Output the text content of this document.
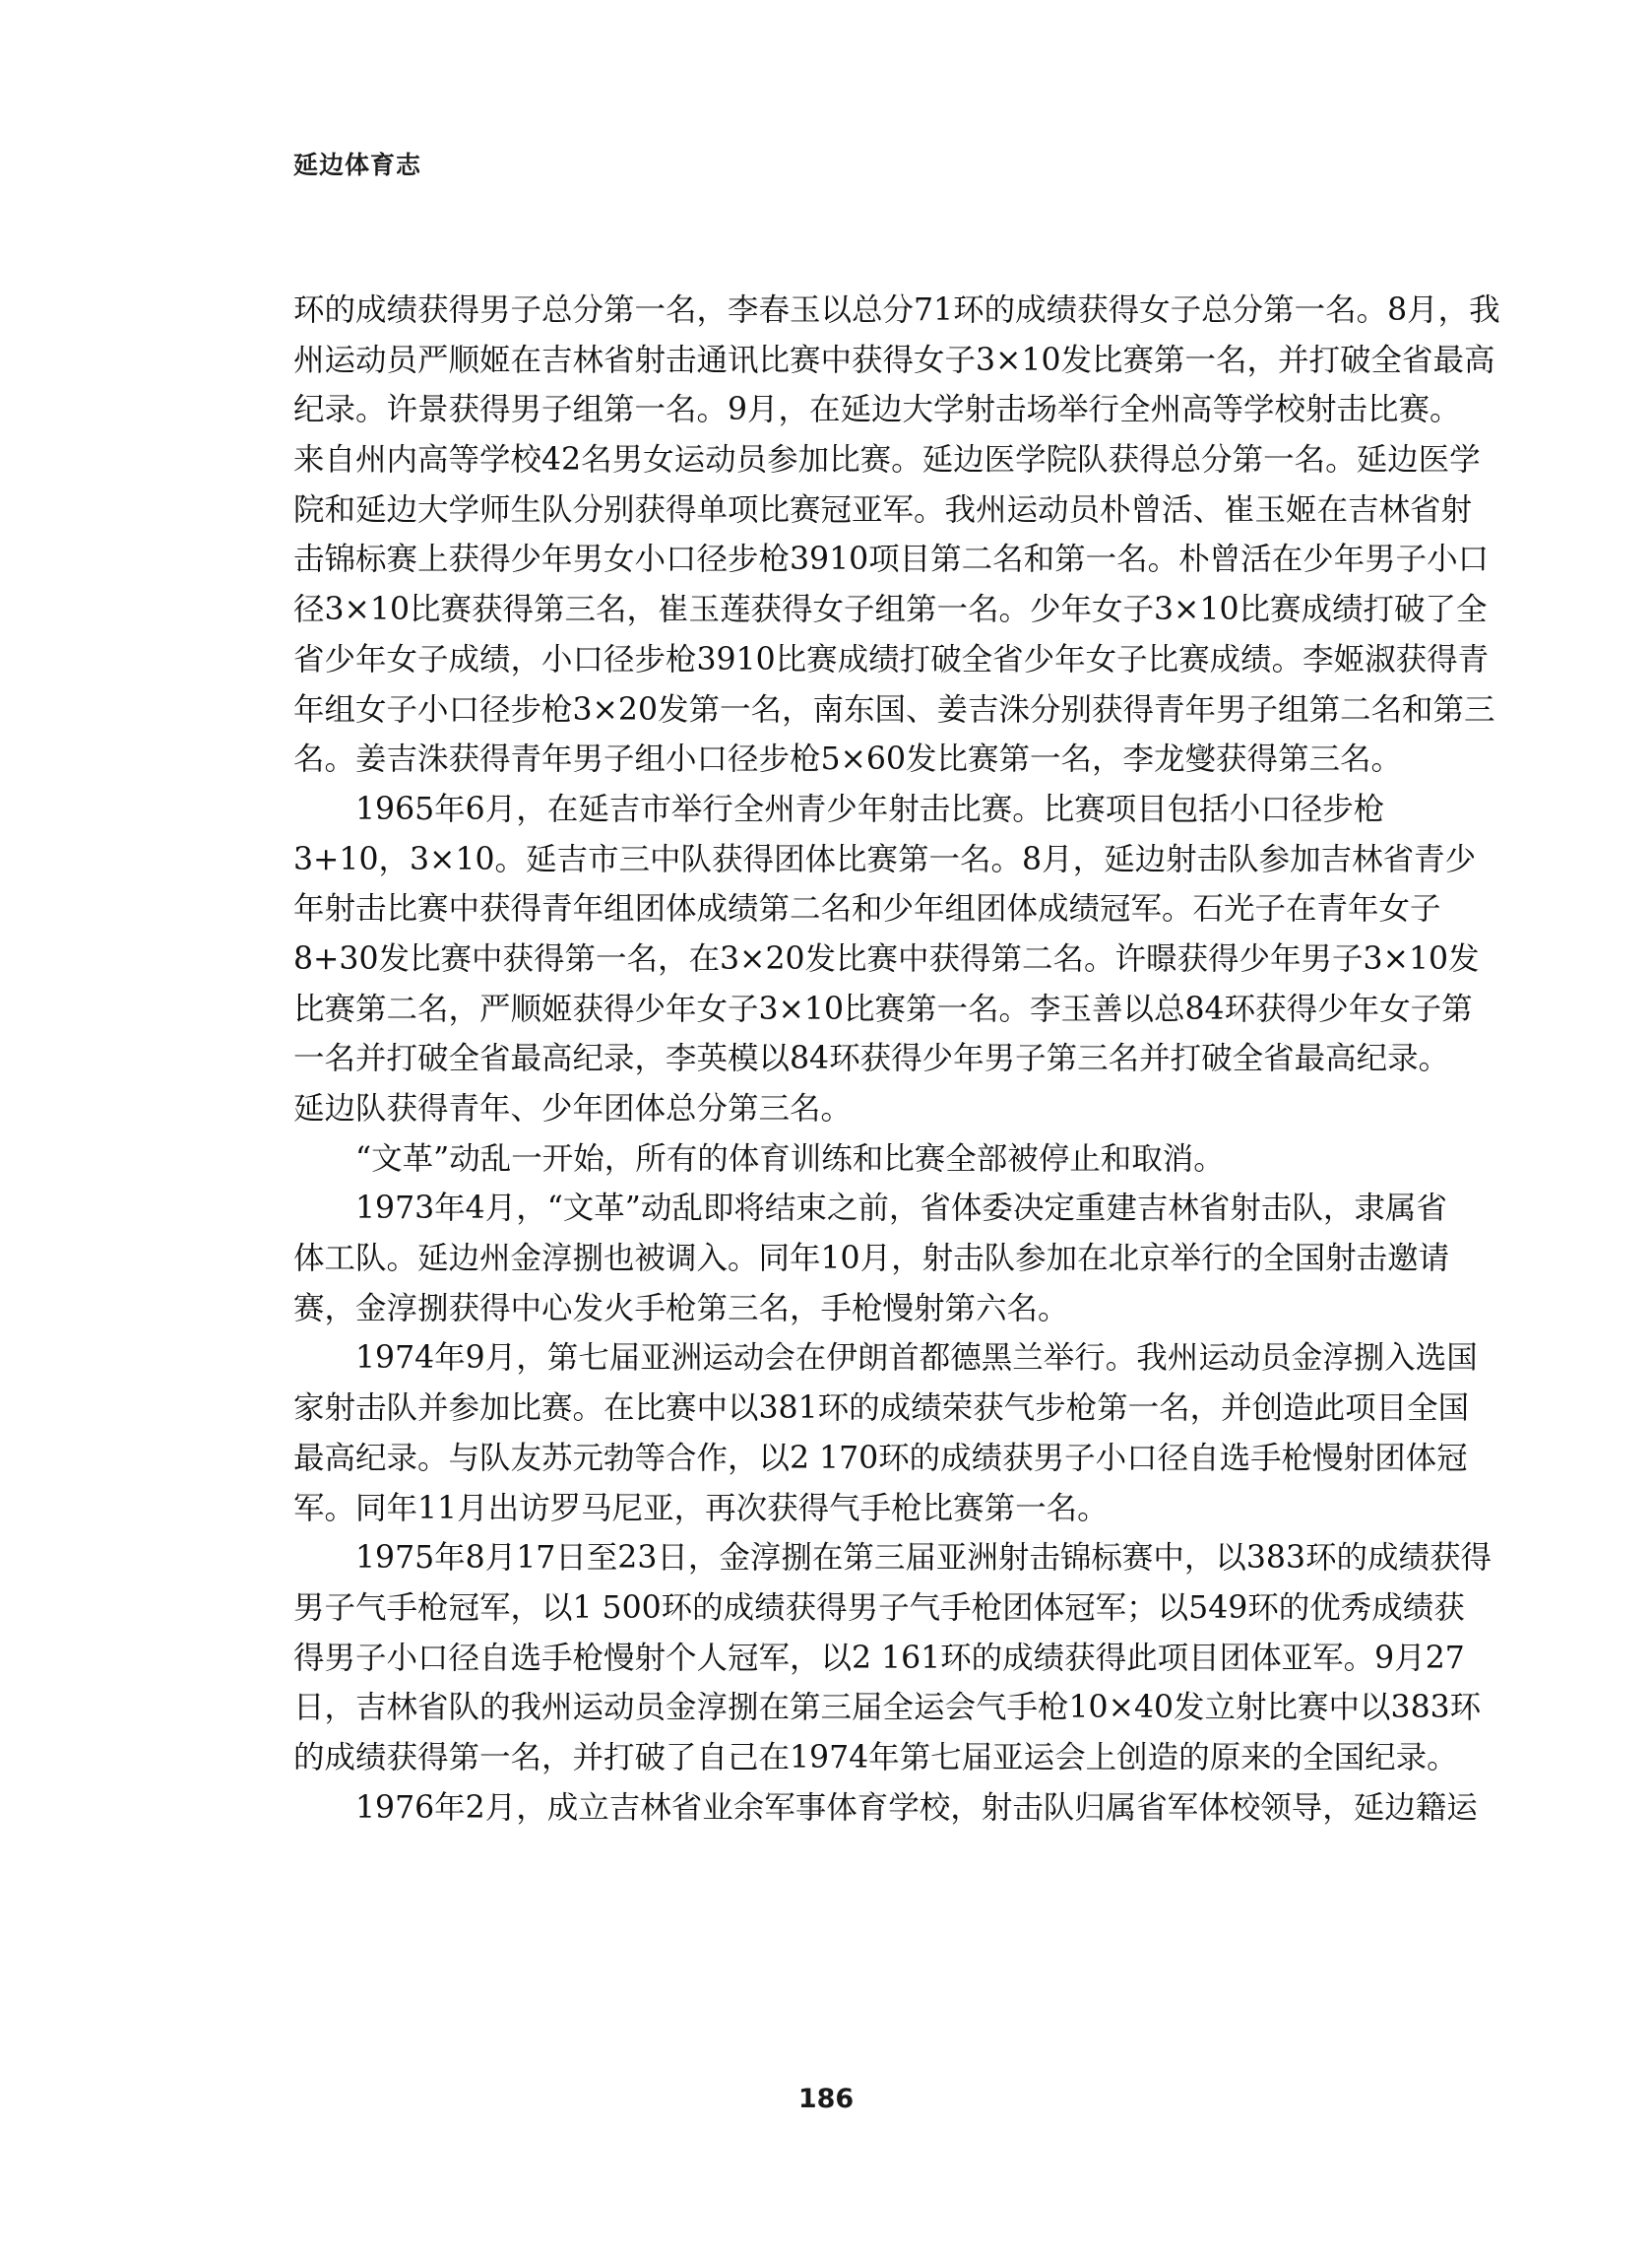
延边体育志
环的成绩获得男子总分第一名，李春玉以总分71环的成绩获得女子总分第一名。8月，我
州运动员严顺姬在吉林省射击通讯比赛中获得女子3×10发比赛第一名，并打破全省最高
纪录。许景获得男子组第一名。9月，在延边大学射击场举行全州高等学校射击比赛。
来自州内高等学校42名男女运动员参加比赛。延边医学院队获得总分第一名。延边医学
院和延边大学师生队分别获得单项比赛冠亚军。我州运动员朴曾活、崔玉姬在吉林省射
击锦标赛上获得少年男女小口径步枪3910项目第二名和第一名。朴曾活在少年男子小口
径3×10比赛获得第三名，崔玉莲获得女子组第一名。少年女子3×10比赛成绩打破了全
省少年女子成绩，小口径步枪3910比赛成绩打破全省少年女子比赛成绩。李姬淑获得青
年组女子小口径步枪3×20发第一名，南东国、姜吉洙分别获得青年男子组第二名和第三
名。姜吉洙获得青年男子组小口径步枪5×60发比赛第一名，李龙燮获得第三名。
1965年6月，在延吉市举行全州青少年射击比赛。比赛项目包括小口径步枪
3+10，3×10。延吉市三中队获得团体比赛第一名。8月，延边射击队参加吉林省青少
年射击比赛中获得青年组团体成绩第二名和少年组团体成绩冠军。石光子在青年女子
8+30发比赛中获得第一名，在3×20发比赛中获得第二名。许暻获得少年男子3×10发
比赛第二名，严顺姬获得少年女子3×10比赛第一名。李玉善以总84环获得少年女子第
一名并打破全省最高纪录，李英模以84环获得少年男子第三名并打破全省最高纪录。
延边队获得青年、少年团体总分第三名。
“文革”动乱一开始，所有的体育训练和比赛全部被停止和取消。
1973年4月，“文革”动乱即将结束之前，省体委决定重建吉林省射击队，隶属省
体工队。延边州金淳捌也被调入。同年10月，射击队参加在北京举行的全国射击邀请
赛，金淳捌获得中心发火手枪第三名，手枪慢射第六名。
1974年9月，第七届亚洲运动会在伊朗首都德黑兰举行。我州运动员金淳捌入选国
家射击队并参加比赛。在比赛中以381环的成绩荣获气步枪第一名，并创造此项目全国
最高纪录。与队友苏元勃等合作，以2 170环的成绩获男子小口径自选手枪慢射团体冠
军。同年11月出访罗马尼亚，再次获得气手枪比赛第一名。
1975年8月17日至23日，金淳捌在第三届亚洲射击锦标赛中，以383环的成绩获得
男子气手枪冠军，以1 500环的成绩获得男子气手枪团体冠军；以549环的优秀成绩获
得男子小口径自选手枪慢射个人冠军，以2 161环的成绩获得此项目团体亚军。9月27
日，吉林省队的我州运动员金淳捌在第三届全运会气手枪10×40发立射比赛中以383环
的成绩获得第一名，并打破了自己在1974年第七届亚运会上创造的原来的全国纪录。
1976年2月，成立吉林省业余军事体育学校，射击队归属省军体校领导，延边籍运
186
